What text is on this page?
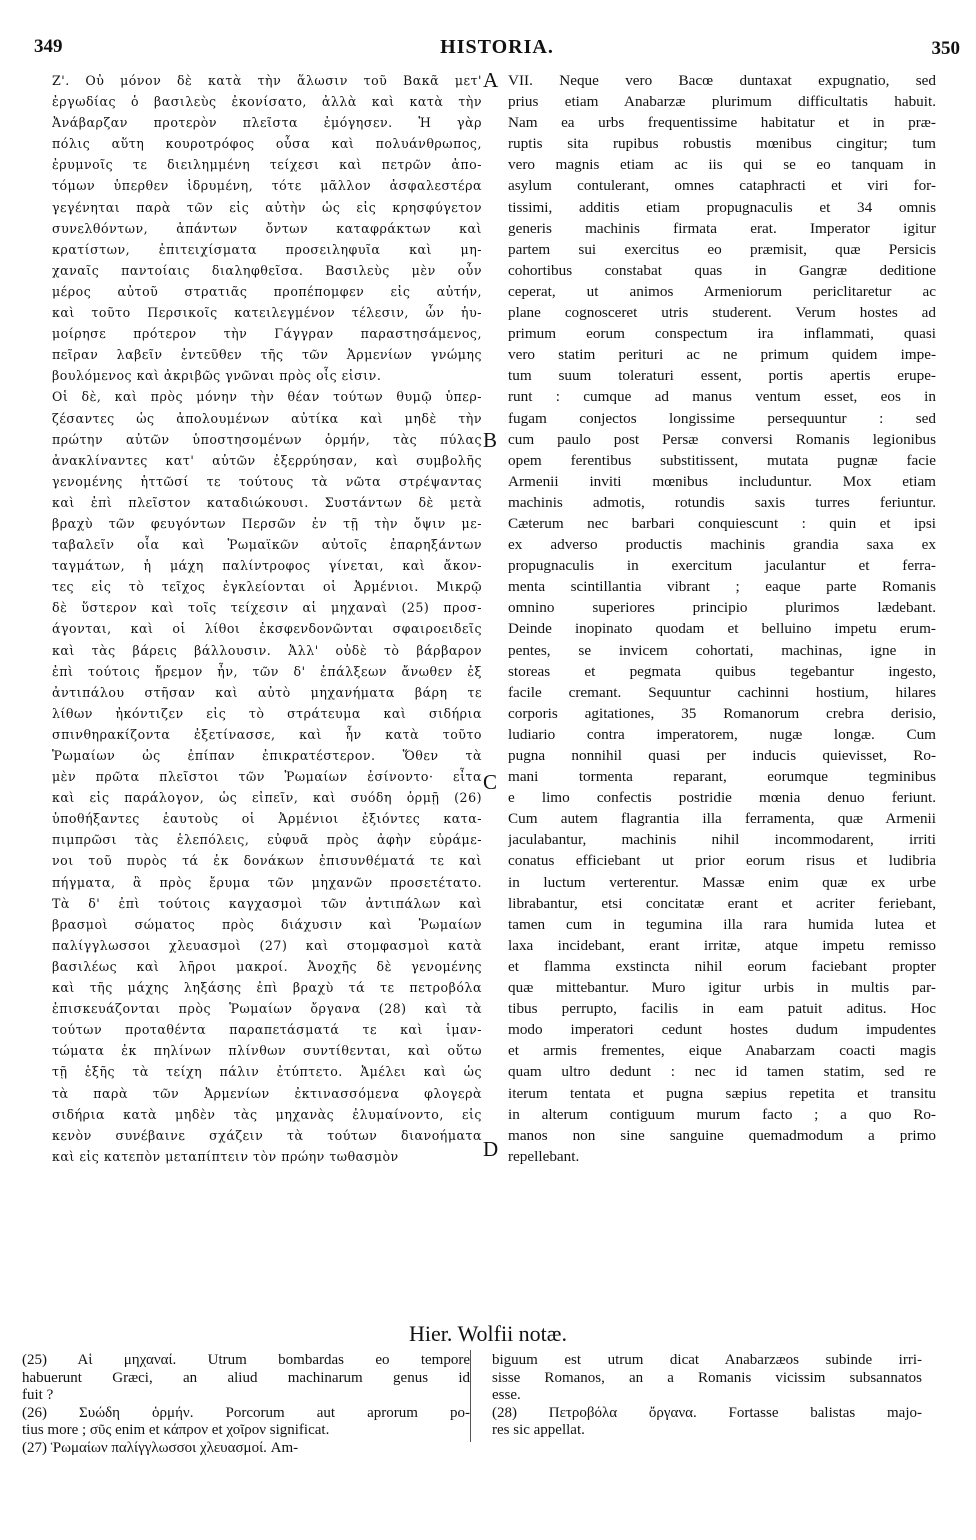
349	HISTORIA.	350
Ζ'. Οὐ μόνον δὲ κατὰ τὴν ἅλωσιν τοῦ Βακᾶ μετ'
ἐργωδίας ὁ βασιλεὺς ἐκονίσατο, ἀλλὰ καὶ κατὰ τὴν
Ἀνάβαρζαν προτερὸν πλεῖστα ἐμόγησεν. Ἡ γὰρ
πόλις αὕτη κουροτρόφος οὖσα καὶ πολυάνθρωπος,
ἐρυμνοῖς τε διειλημμένη τείχεσι καὶ πετρῶν ἀπο-
τόμων ὑπερθεν ἱδρυμένη, τότε μᾶλλον ἀσφαλεστέρα
γεγένηται παρὰ τῶν εἰς αὐτὴν ὡς εἰς κρησφύγετον
συνελθόντων, ἁπάντων ὄντων καταφράκτων καὶ
κρατίστων, ἐπιτειχίσματα προσειληφυῖα καὶ μη-
χαναῖς παντοίαις διαληφθεῖσα. Βασιλεὺς μὲν οὖν
μέρος αὐτοῦ στρατιᾶς προπέπομφεν εἰς αὐτήν,
καὶ τοῦτο Περσικοῖς κατειλεγμένον τέλεσιν, ὧν ἠυ-
μοίρησε πρότερον τὴν Γάγγραν παραστησάμενος,
πεῖραν λαβεῖν ἐντεῦθεν τῆς τῶν Ἀρμενίων γνώμης
βουλόμενος καὶ ἀκριβῶς γνῶναι πρὸς οἷς εἰσιν.
Οἱ δὲ, καὶ πρὸς μόνην τὴν θέαν τούτων θυμῷ ὑπερ-
ζέσαντες ὡς ἀπολουμένων αὐτίκα καὶ μηδὲ τὴν
πρώτην αὐτῶν ὑποστησομένων ὁρμήν, τὰς πύλας
ἀνακλίναντες κατ' αὐτῶν ἐξερρύησαν, καὶ συμβολῆς
γενομένης ἡττῶσί τε τούτους τὰ νῶτα στρέψαντας
καὶ ἐπὶ πλεῖστον καταδιώκουσι. Συστάντων δὲ μετὰ
βραχὺ τῶν φευγόντων Περσῶν ἐν τῇ τὴν ὄψιν με-
ταβαλεῖν οἷα καὶ Ῥωμαϊκῶν αὐτοῖς ἐπαρηξάντων
ταγμάτων, ἡ μάχη παλίντροφος γίνεται, καὶ ἄκον-
τες εἰς τὸ τεῖχος ἐγκλείονται οἱ Ἀρμένιοι. Μικρῷ
δὲ ὕστερον καὶ τοῖς τείχεσιν αἱ μηχαναὶ (25) προσ-
άγονται, καὶ οἱ λίθοι ἐκσφενδονῶνται σφαιροειδεῖς
καὶ τὰς βάρεις βάλλουσιν. Ἀλλ' οὐδὲ τὸ βάρβαρον
ἐπὶ τούτοις ἤρεμον ἦν, τῶν δ' ἐπάλξεων ἄνωθεν ἐξ
ἀντιπάλου στῆσαν καὶ αὐτὸ μηχανήματα βάρη τε
λίθων ἠκόντιζεν εἰς τὸ στράτευμα καὶ σιδήρια
σπινθηρακίζοντα ἐξετίνασσε, καὶ ἦν κατὰ τοῦτο
Ῥωμαίων ὡς ἐπίπαν ἐπικρατέστερον. Ὅθεν τὰ
μὲν πρῶτα πλεῖστοι τῶν Ῥωμαίων ἐσίνοντο· εἶτα
καὶ εἰς παράλογον, ὡς εἰπεῖν, καὶ συόδη ὁρμῇ (26)
ὑποθήξαντες ἑαυτοὺς οἱ Ἀρμένιοι ἐξιόντες κατα-
πιμπρῶσι τὰς ἑλεπόλεις, εὐφυᾶ πρὸς ἀφὴν εὑράμε-
νοι τοῦ πυρὸς τά ἐκ δονάκων ἐπισυνθέματά τε καὶ
πήγματα, ἃ πρὸς ἔρυμα τῶν μηχανῶν προσετέτατο.
Τὰ δ' ἐπὶ τούτοις καγχασμοὶ τῶν ἀντιπάλων καὶ
βρασμοὶ σώματος πρὸς διάχυσιν καὶ Ῥωμαίων
παλίγγλωσσοι χλευασμοὶ (27) καὶ στομφασμοὶ κατὰ
βασιλέως καὶ λῆροι μακροί. Ἀνοχῆς δὲ γενομένης
καὶ τῆς μάχης ληξάσης ἐπὶ βραχὺ τά τε πετροβόλα
ἐπισκευάζονται πρὸς Ῥωμαίων ὄργανα (28) καὶ τὰ
τούτων προταθέντα παραπετάσματά τε καὶ ἱμαν-
τώματα ἐκ πηλίνων πλίνθων συντίθενται, καὶ οὕτω
τῇ ἑξῆς τὰ τείχη πάλιν ἐτύπτετο. Ἀμέλει καὶ ὡς
τὰ παρὰ τῶν Ἀρμενίων ἐκτινασσόμενα φλογερὰ
σιδήρια κατὰ μηδὲν τὰς μηχανὰς ἐλυμαίνοντο, εἰς
κενὸν συνέβαινε σχάζειν τὰ τούτων διανοήματα
καὶ εἰς κατεπὸν μεταπίπτειν τὸν πρώην τωθασμὸν
VII. Neque vero Bacœ duntaxat expugnatio, sed
prius etiam Anabarzæ plurimum difficultatis habuit.
Nam ea urbs frequentissime habitatur et in præ-
ruptis sita rupibus robustis mœnibus cingitur; tum
vero magnis etiam ac iis qui se eo tanquam in
asylum contulerant, omnes cataphracti et viri for-
tissimi, additis etiam propugnaculis et 34 omnis
generis machinis firmata erat. Imperator igitur
partem sui exercitus eo præmisit, quæ Persicis
cohortibus constabat quas in Gangræ deditione
ceperat, ut animos Armeniorum periclitaretur ac
plane cognosceret utris studerent. Verum hostes ad
primum eorum conspectum ira inflammati, quasi
vero statim perituri ac ne primum quidem impe-
tum suum toleraturi essent, portis apertis erupe-
runt : cumque ad manus ventum esset, eos in
fugam conjectos longissime persequuntur : sed
cum paulo post Persæ conversi Romanis legionibus
opem ferentibus substitissent, mutata pugnæ facie
Armenii inviti mœnibus includuntur. Mox etiam
machinis admotis, rotundis saxis turres feriuntur.
Cæterum nec barbari conquiescunt : quin et ipsi
ex adverso productis machinis grandia saxa ex
propugnaculis in exercitum jaculantur et ferra-
menta scintillantia vibrant ; eaque parte Romanis
omnino superiores principio plurimos lædebant.
Deinde inopinato quodam et belluino impetu erum-
pentes, se invicem cohortati, machinas, igne in
storeas et pegmata quibus tegebantur ingesto,
facile cremant. Sequuntur cachinni hostium, hilares
corporis agitationes, 35 Romanorum crebra derisio,
ludiario contra imperatorem, nugæ longæ. Cum
pugna nonnihil quasi per inducis quievisset, Ro-
mani tormenta reparant, eorumque tegminibus
e limo confectis postridie mœnia denuo feriunt.
Cum autem flagrantia illa ferramenta, quæ Armenii
jaculabantur, machinis nihil incommodarent, irriti
conatus efficiebant ut prior eorum risus et ludibria
in luctum verterentur. Massæ enim quæ ex urbe
librabantur, etsi concitatæ erant et acriter feriebant,
tamen cum in tegumina illa rara humida lutea et
laxa incidebant, erant irritæ, atque impetu remisso
et flamma exstincta nihil eorum faciebant propter
quæ mittebantur. Muro igitur urbis in multis par-
tibus perrupto, facilis in eam patuit aditus. Hoc
modo imperatori cedunt hostes dudum impudentes
et armis frementes, eique Anabarzam coacti magis
quam ultro dedunt : nec id tamen statim, sed re
iterum tentata et pugna sæpius repetita et transitu
in alterum contiguum murum facto ; a quo Ro-
manos non sine sanguine quemadmodum a primo
repellebant.
A
B
C
D
Hier. Wolfii notæ.
(25) Αἱ μηχαναί. Utrum bombardas eo tempore
habuerunt Græci, an aliud machinarum genus id
fuit ?
(26) Συώδη ὁρμήν. Porcorum aut aprorum po-
tius more ; σῦς enim et κάπρον et χοῖρον significat.
(27) Ῥωμαίων παλίγγλωσσοι χλευασμοί. Am-
biguum est utrum dicat Anabarzæos subinde irri-
sisse Romanos, an a Romanis vicissim subsannatos
esse.
(28) Πετροβόλα ὄργανα. Fortasse balistas majo-
res sic appellat.
